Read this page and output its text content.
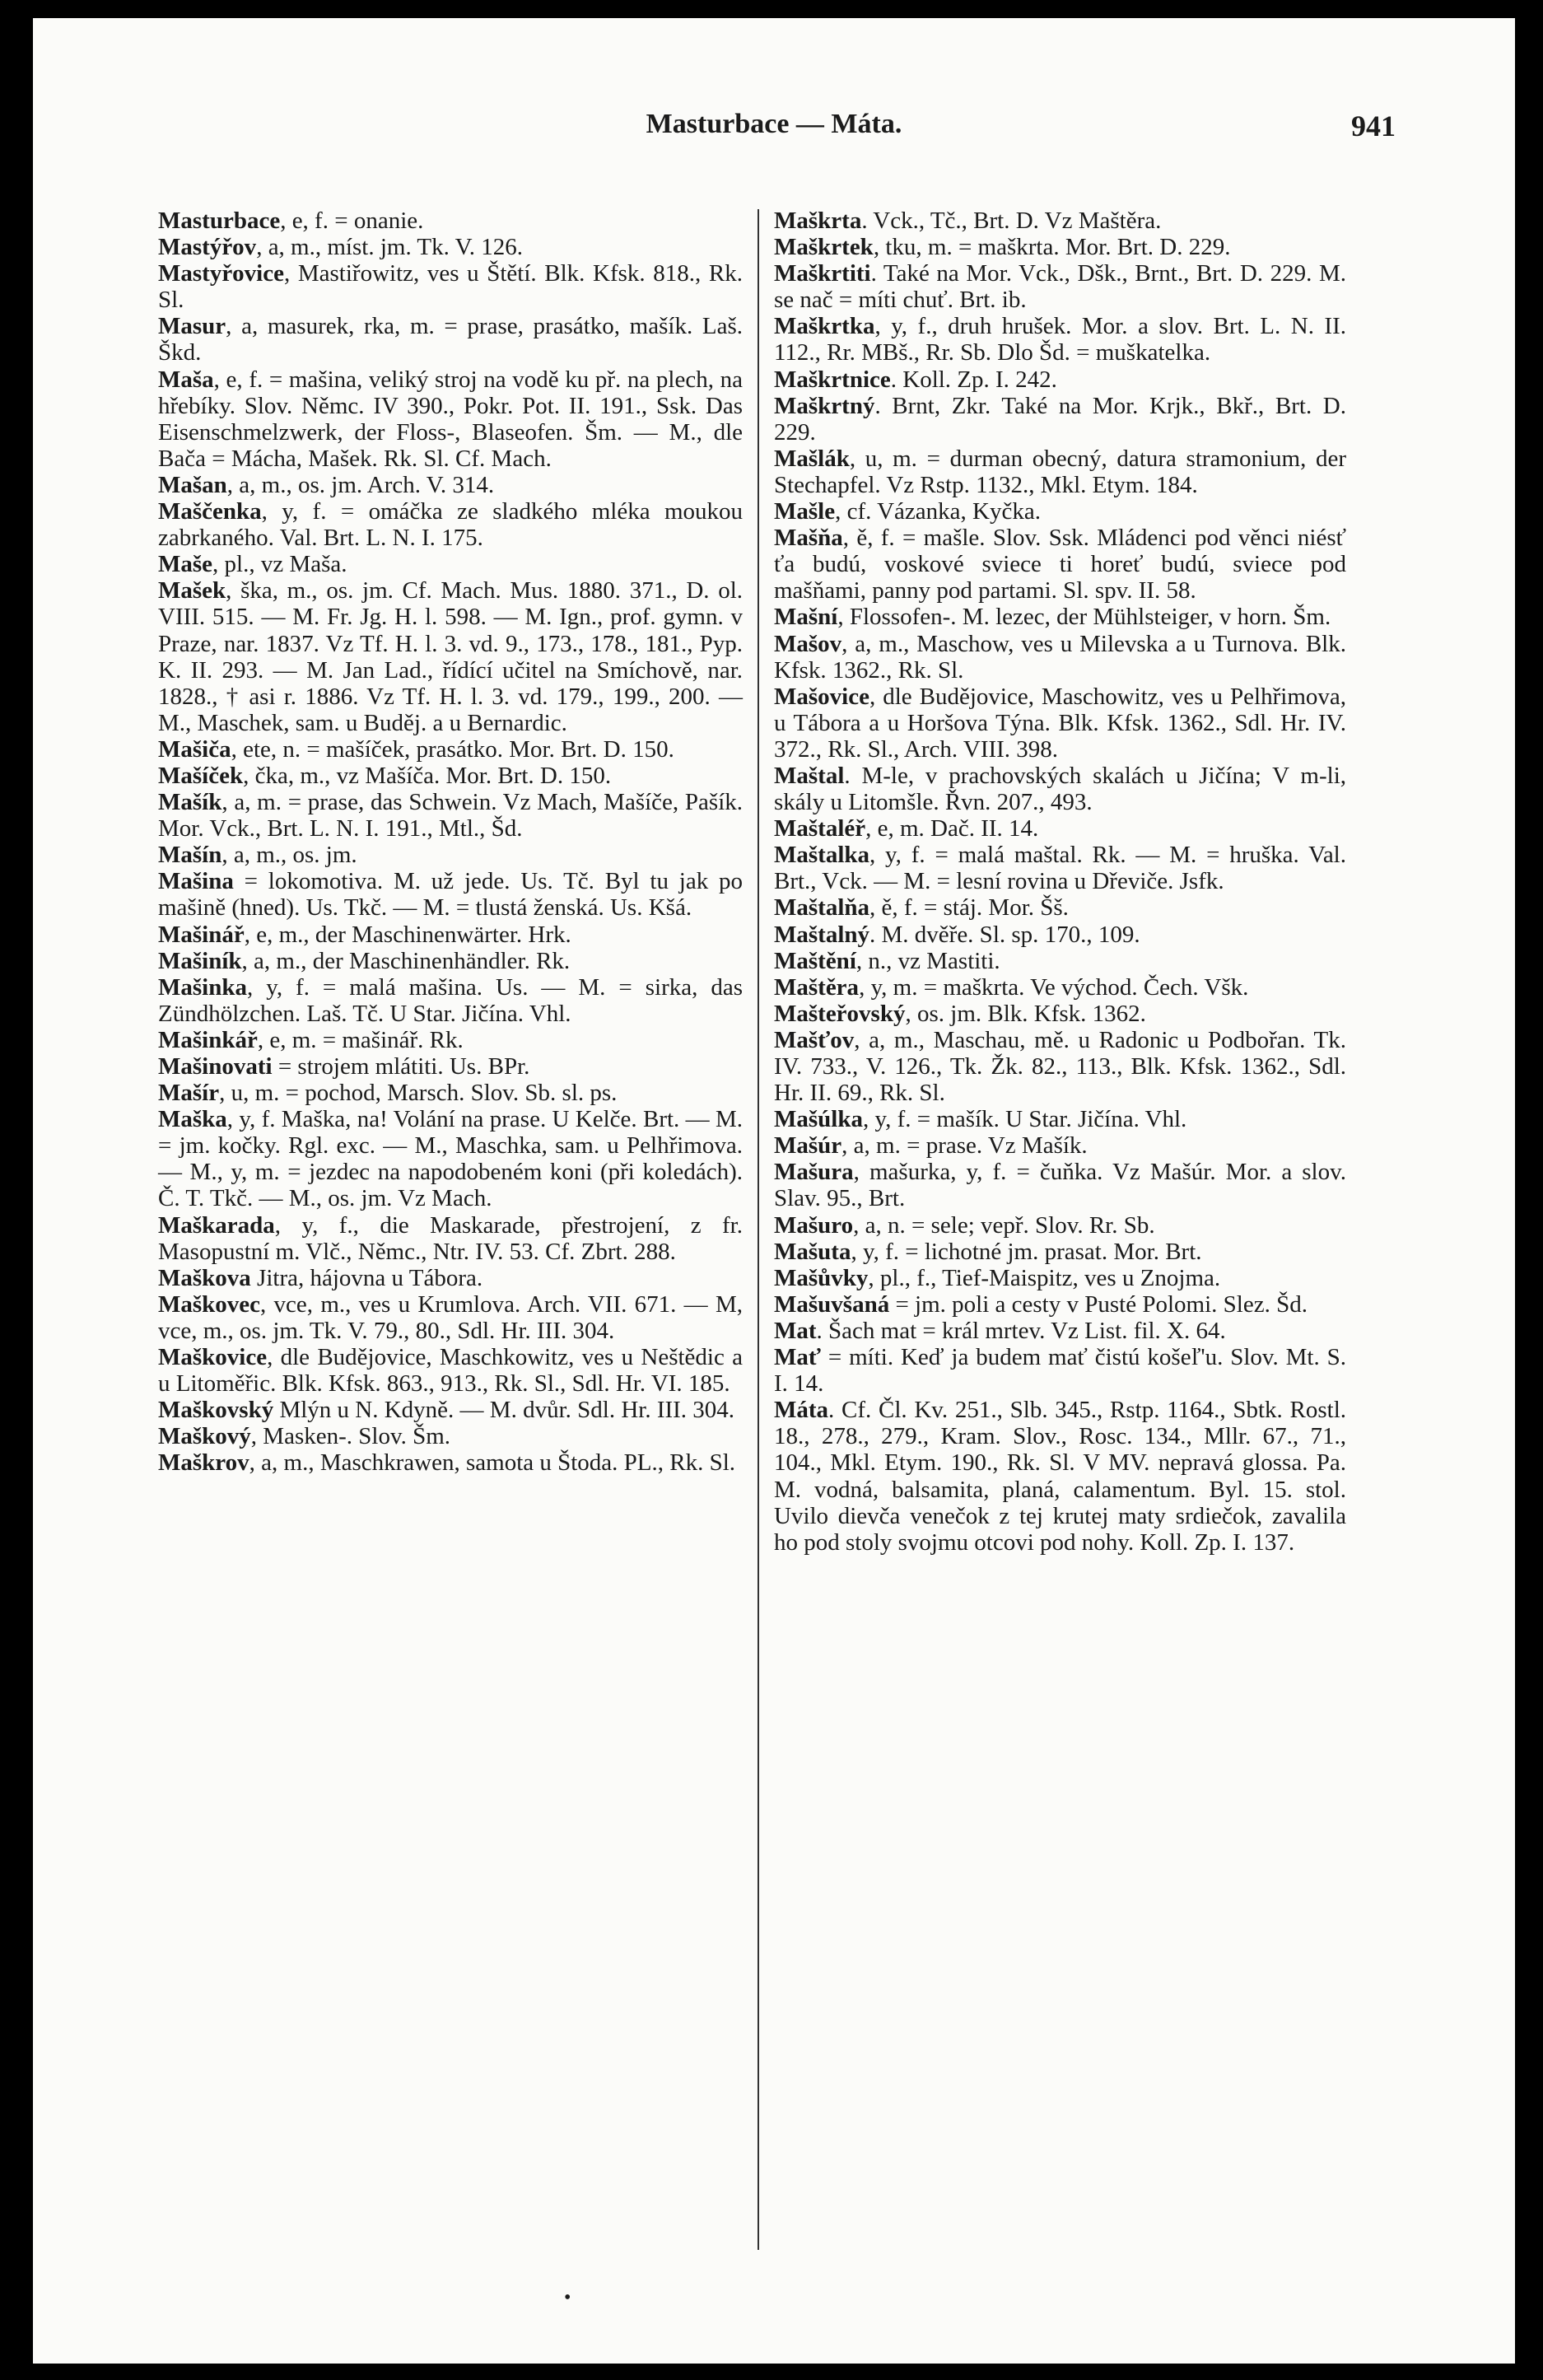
Masturbace — Máta.	941

Masturbace, e, f. = onanie.

Mastýřov, a, m., míst. jm. Tk. V. 126.

Mastyřovice, Mastiřowitz, ves u Štětí. Blk. Kfsk. 818., Rk. Sl.

Masur, a, masurek, rka, m. = prase, prasátko, mašík. Laš. Škd.

Maša, e, f. = mašina, veliký stroj na vodě ku př. na plech, na hřebíky. Slov. Němc. IV 390., Pokr. Pot. II. 191., Ssk. Das Eisenschmelzwerk, der Floss-, Blaseofen. Šm. — M., dle Bača = Mácha, Mašek. Rk. Sl. Cf. Mach.

Mašan, a, m., os. jm. Arch. V. 314.

Maščenka, y, f. = omáčka ze sladkého mléka moukou zabrkaného. Val. Brt. L. N. I. 175.

Maše, pl., vz Maša.

Mašek, ška, m., os. jm. Cf. Mach. Mus. 1880. 371., D. ol. VIII. 515. — M. Fr. Jg. H. l. 598. — M. Ign., prof. gymn. v Praze, nar. 1837. Vz Tf. H. l. 3. vd. 9., 173., 178., 181., Pyp. K. II. 293. — M. Jan Lad., řídící učitel na Smíchově, nar. 1828., † asi r. 1886. Vz Tf. H. l. 3. vd. 179., 199., 200. — M., Maschek, sam. u Buděj. a u Bernardic.

Mašiča, ete, n. = mašíček, prasátko. Mor. Brt. D. 150.

Mašíček, čka, m., vz Mašíča. Mor. Brt. D. 150.

Mašík, a, m. = prase, das Schwein. Vz Mach, Mašíče, Pašík. Mor. Vck., Brt. L. N. I. 191., Mtl., Šd.

Mašín, a, m., os. jm.

Mašina = lokomotiva. M. už jede. Us. Tč. Byl tu jak po mašině (hned). Us. Tkč. — M. = tlustá ženská. Us. Kšá.

Mašinář, e, m., der Maschinenwärter. Hrk.

Mašiník, a, m., der Maschinenhändler. Rk.

Mašinka, y, f. = malá mašina. Us. — M. = sirka, das Zündhölzchen. Laš. Tč. U Star. Jičína. Vhl.

Mašinkář, e, m. = mašinář. Rk.

Mašinovati = strojem mlátiti. Us. BPr.

Mašír, u, m. = pochod, Marsch. Slov. Sb. sl. ps.

Maška, y, f. Maška, na! Volání na prase. U Kelče. Brt. — M. = jm. kočky. Rgl. exc. — M., Maschka, sam. u Pelhřimova. — M., y, m. = jezdec na napodobeném koni (při koledách). Č. T. Tkč. — M., os. jm. Vz Mach.

Maškarada, y, f., die Maskarade, přestrojení, z fr. Masopustní m. Vlč., Němc., Ntr. IV. 53. Cf. Zbrt. 288.

Maškova Jitra, hájovna u Tábora.

Maškovec, vce, m., ves u Krumlova. Arch. VII. 671. — M, vce, m., os. jm. Tk. V. 79., 80., Sdl. Hr. III. 304.

Maškovice, dle Budějovice, Maschkowitz, ves u Neštědic a u Litoměřic. Blk. Kfsk. 863., 913., Rk. Sl., Sdl. Hr. VI. 185.

Maškovský Mlýn u N. Kdyně. — M. dvůr. Sdl. Hr. III. 304.

Maškový, Masken-. Slov. Šm.

Maškrov, a, m., Maschkrawen, samota u Štoda. PL., Rk. Sl.

Maškrta. Vck., Tč., Brt. D. Vz Maštěra.

Maškrtek, tku, m. = maškrta. Mor. Brt. D. 229.

Maškrtiti. Také na Mor. Vck., Dšk., Brnt., Brt. D. 229. M. se nač = míti chuť. Brt. ib.

Maškrtka, y, f., druh hrušek. Mor. a slov. Brt. L. N. II. 112., Rr. MBš., Rr. Sb. Dlo Šd. = muškatelka.

Maškrtnice. Koll. Zp. I. 242.

Maškrtný. Brnt, Zkr. Také na Mor. Krjk., Bkř., Brt. D. 229.

Mašlák, u, m. = durman obecný, datura stramonium, der Stechapfel. Vz Rstp. 1132., Mkl. Etym. 184.

Mašle, cf. Vázanka, Kyčka.

Mašňa, ě, f. = mašle. Slov. Ssk. Mládenci pod věnci niésť ťa budú, voskové sviece ti horeť budú, sviece pod mašňami, panny pod partami. Sl. spv. II. 58.

Mašní, Flossofen-. M. lezec, der Mühlsteiger, v horn. Šm.

Mašov, a, m., Maschow, ves u Milevska a u Turnova. Blk. Kfsk. 1362., Rk. Sl.

Mašovice, dle Budějovice, Maschowitz, ves u Pelhřimova, u Tábora a u Horšova Týna. Blk. Kfsk. 1362., Sdl. Hr. IV. 372., Rk. Sl., Arch. VIII. 398.

Maštal. M-le, v prachovských skalách u Jičína; V m-li, skály u Litomšle. Řvn. 207., 493.

Maštaléř, e, m. Dač. II. 14.

Maštalka, y, f. = malá maštal. Rk. — M. = hruška. Val. Brt., Vck. — M. = lesní rovina u Dřeviče. Jsfk.

Maštalňa, ě, f. = stáj. Mor. Šš.

Maštalný. M. dvěře. Sl. sp. 170., 109.

Maštění, n., vz Mastiti.

Maštěra, y, m. = maškrta. Ve východ. Čech. Všk.

Mašteřovský, os. jm. Blk. Kfsk. 1362.

Mašťov, a, m., Maschau, mě. u Radonic u Podbořan. Tk. IV. 733., V. 126., Tk. Žk. 82., 113., Blk. Kfsk. 1362., Sdl. Hr. II. 69., Rk. Sl.

Mašúlka, y, f. = mašík. U Star. Jičína. Vhl.

Mašúr, a, m. = prase. Vz Mašík.

Mašura, mašurka, y, f. = čuňka. Vz Mašúr. Mor. a slov. Slav. 95., Brt.

Mašuro, a, n. = sele; vepř. Slov. Rr. Sb.

Mašuta, y, f. = lichotné jm. prasat. Mor. Brt.

Mašůvky, pl., f., Tief-Maispitz, ves u Znojma.

Mašuvšaná = jm. poli a cesty v Pusté Polomi. Slez. Šd.

Mat. Šach mat = král mrtev. Vz List. fil. X. 64.

Mať = míti. Keď ja budem mať čistú košeľ'u. Slov. Mt. S. I. 14.

Máta. Cf. Čl. Kv. 251., Slb. 345., Rstp. 1164., Sbtk. Rostl. 18., 278., 279., Kram. Slov., Rosc. 134., Mllr. 67., 71., 104., Mkl. Etym. 190., Rk. Sl. V MV. nepravá glossa. Pa. M. vodná, balsamita, planá, calamentum. Byl. 15. stol. Uvilo dievča venečok z tej krutej maty srdiečok, zavalila ho pod stoly svojmu otcovi pod nohy. Koll. Zp. I. 137.

•
